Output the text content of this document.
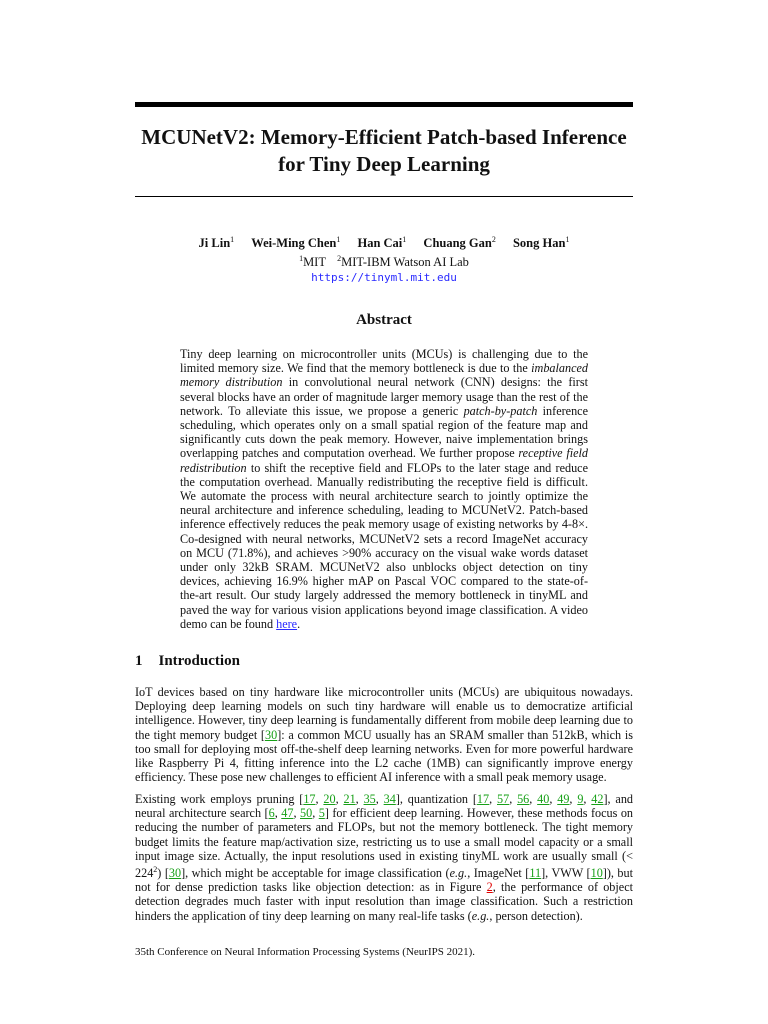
MCUNetV2: Memory-Efficient Patch-based Inference
for Tiny Deep Learning
Ji Lin$^1$ Wei-Ming Chen$^1$ Han Cai$^1$ Chuang Gan$^2$ Song Han$^1$
$^1$MIT $^2$MIT-IBM Watson AI Lab
https://tinyml.mit.edu
Abstract

Tiny deep learning on microcontroller units (MCUs) is challenging due to the limited memory size. We find that the memory bottleneck is due to the imbalanced memory distribution in convolutional neural network (CNN) designs: the first several blocks have an order of magnitude larger memory usage than the rest of the network. To alleviate this issue, we propose a generic patch-by-patch inference scheduling, which operates only on a small spatial region of the feature map and significantly cuts down the peak memory. However, naive implementation brings overlapping patches and computation overhead. We further propose receptive field redistribution to shift the receptive field and FLOPs to the later stage and reduce the computation overhead. Manually redistributing the receptive field is difficult. We automate the process with neural architecture search to jointly optimize the neural architecture and inference scheduling, leading to MCUNetV2. Patch-based inference effectively reduces the peak memory usage of existing networks by 4-8×. Co-designed with neural networks, MCUNetV2 sets a record ImageNet accuracy on MCU (71.8%), and achieves >90% accuracy on the visual wake words dataset under only 32kB SRAM. MCUNetV2 also unblocks object detection on tiny devices, achieving 16.9% higher mAP on Pascal VOC compared to the state-of-the-art result. Our study largely addressed the memory bottleneck in tinyML and paved the way for various vision applications beyond image classification. A video demo can be found here.

1 Introduction

IoT devices based on tiny hardware like microcontroller units (MCUs) are ubiquitous nowadays. Deploying deep learning models on such tiny hardware will enable us to democratize artificial intelligence. However, tiny deep learning is fundamentally different from mobile deep learning due to the tight memory budget [30]: a common MCU usually has an SRAM smaller than 512kB, which is too small for deploying most off-the-shelf deep learning networks. Even for more powerful hardware like Raspberry Pi 4, fitting inference into the L2 cache (1MB) can significantly improve energy efficiency. These pose new challenges to efficient AI inference with a small peak memory usage.

Existing work employs pruning [17, 20, 21, 35, 34], quantization [17, 57, 56, 40, 49, 9, 42], and neural architecture search [6, 47, 50, 5] for efficient deep learning. However, these methods focus on reducing the number of parameters and FLOPs, but not the memory bottleneck. The tight memory budget limits the feature map/activation size, restricting us to use a small model capacity or a small input image size. Actually, the input resolutions used in existing tinyML work are usually small (< $224^2$) [30], which might be acceptable for image classification (e.g., ImageNet [11], VWW [10]), but not for dense prediction tasks like objection detection: as in Figure 2, the performance of object detection degrades much faster with input resolution than image classification. Such a restriction hinders the application of tiny deep learning on many real-life tasks (e.g., person detection).

35th Conference on Neural Information Processing Systems (NeurIPS 2021).
